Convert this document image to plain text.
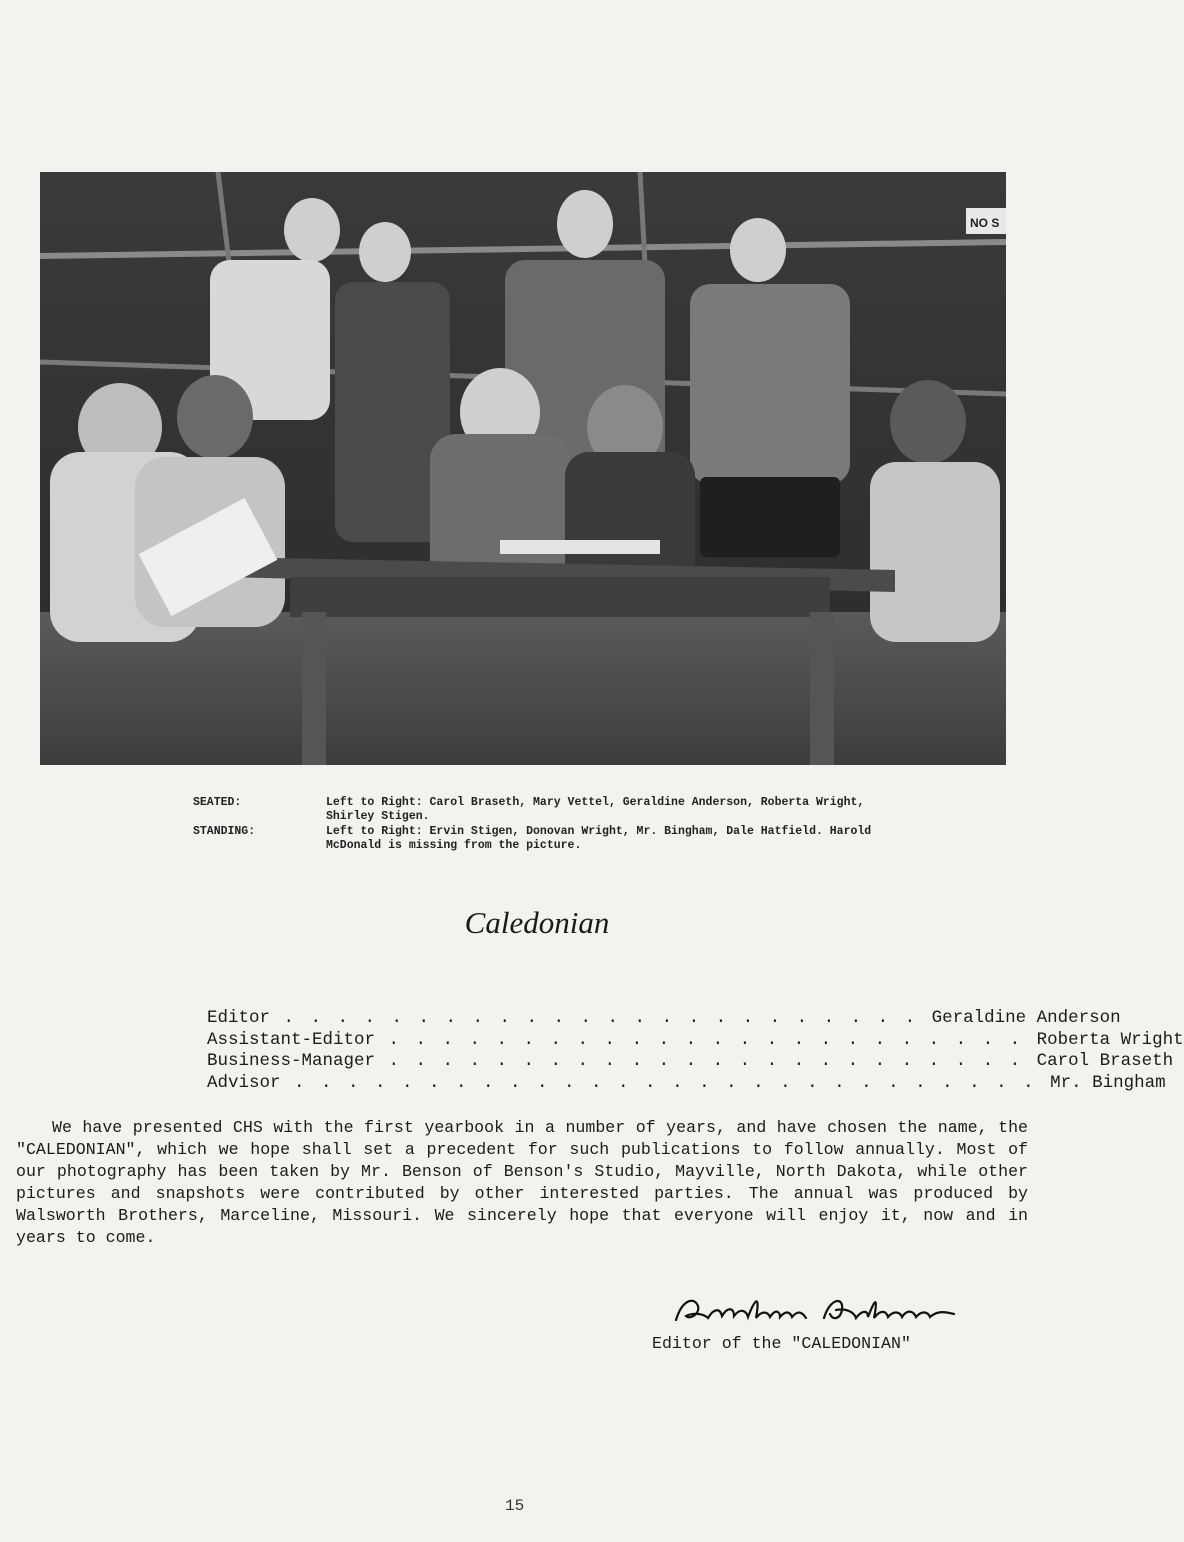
NO S
SEATED:	Left to Right: Carol Braseth, Mary Vettel, Geraldine Anderson, Roberta Wright, Shirley Stigen.
STANDING:	Left to Right: Ervin Stigen, Donovan Wright, Mr. Bingham, Dale Hatfield. Harold McDonald is missing from the picture.
Caledonian
Editor . . . . . . . . . . . . . . . . . . . . . . . . Geraldine Anderson
Assistant-Editor . . . . . . . . . . . . . . . . . . . . . . . . Roberta Wright
Business-Manager . . . . . . . . . . . . . . . . . . . . . . . . Carol Braseth
Advisor . . . . . . . . . . . . . . . . . . . . . . . . . . . . Mr. Bingham
We have presented CHS with the first yearbook in a number of years, and have chosen the name, the "CALEDONIAN", which we hope shall set a precedent for such publications to follow annually. Most of our photography has been taken by Mr. Benson of Benson's Studio, Mayville, North Dakota, while other pictures and snapshots were contributed by other interested parties. The annual was produced by Walsworth Brothers, Marceline, Missouri. We sincerely hope that everyone will enjoy it, now and in years to come.
Editor of the "CALEDONIAN"
15
